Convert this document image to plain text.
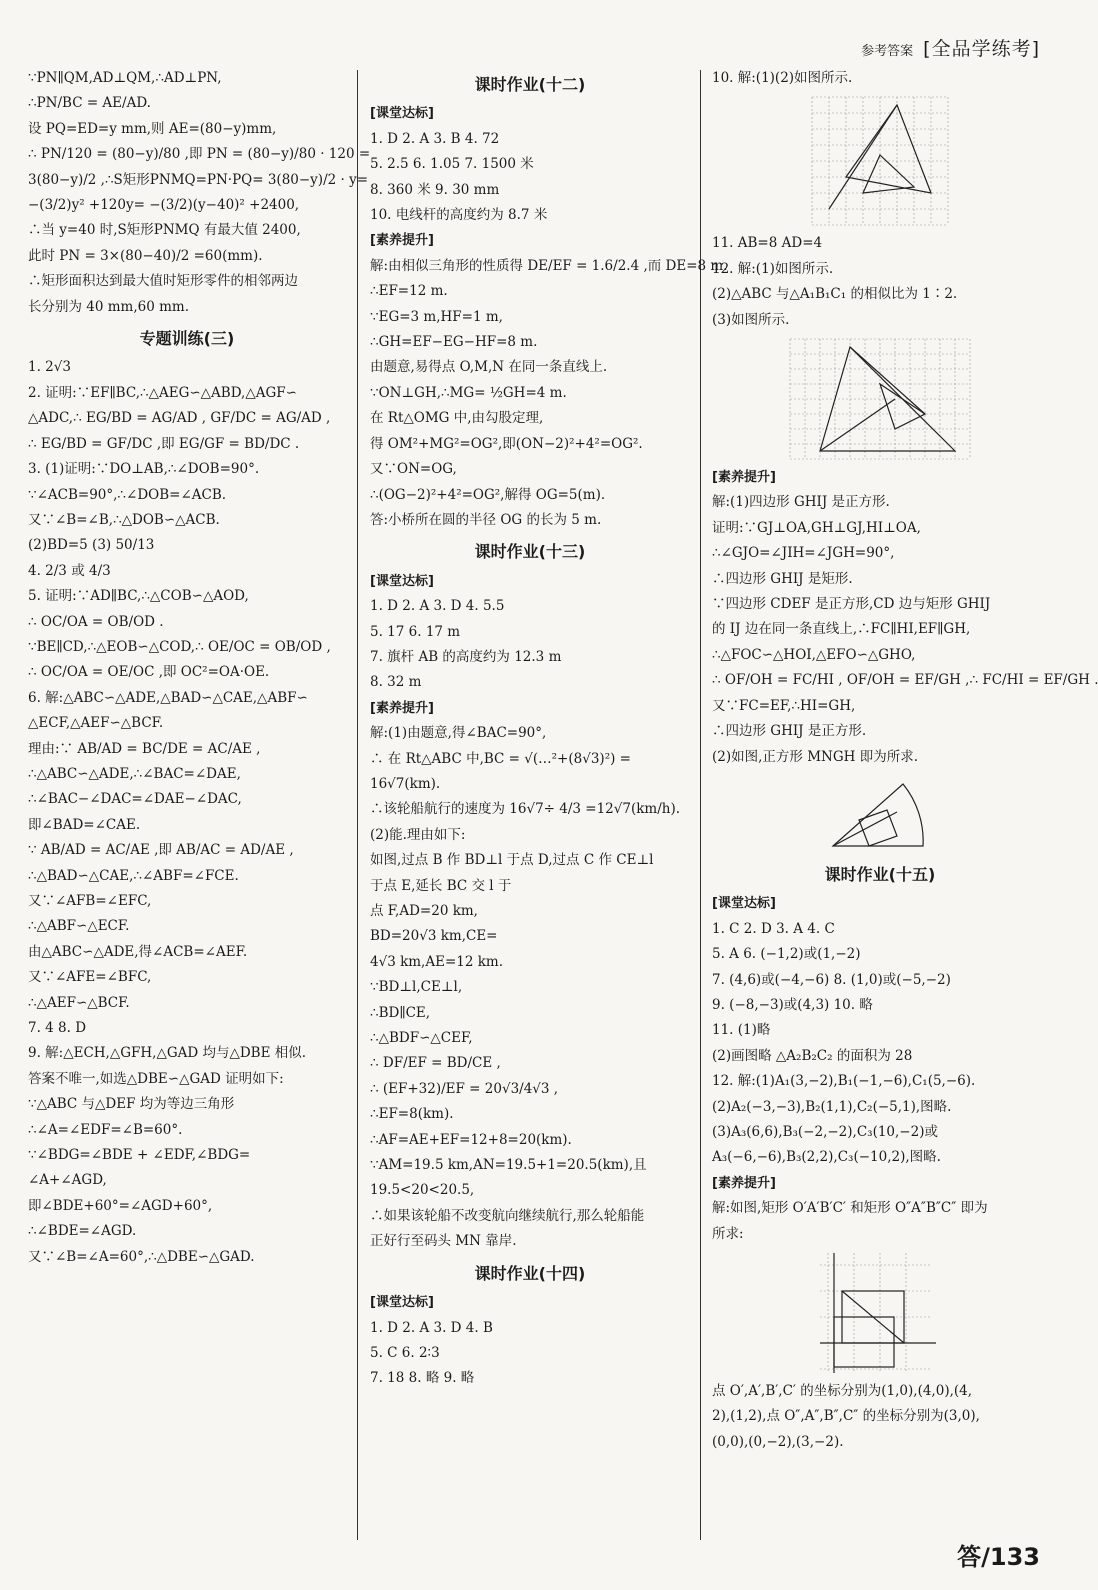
参考答案 [全品学练考]
∵PN∥QM,AD⊥QM,∴AD⊥PN,
∴PN/BC = AE/AD.
设 PQ=ED=y mm,则 AE=(80−y)mm,
∴ PN/120 = (80−y)/80 ,即 PN = (80−y)/80 · 120 =
3(80−y)/2 ,∴S矩形PNMQ=PN·PQ= 3(80−y)/2 · y=
−(3/2)y² +120y= −(3/2)(y−40)² +2400,
∴当 y=40 时,S矩形PNMQ 有最大值 2400,
此时 PN = 3×(80−40)/2 =60(mm).
∴矩形面积达到最大值时矩形零件的相邻两边
长分别为 40 mm,60 mm.
专题训练(三)
1. 2√3
2. 证明:∵EF∥BC,∴△AEG∽△ABD,△AGF∽
△ADC,∴ EG/BD = AG/AD , GF/DC = AG/AD ,
∴ EG/BD = GF/DC ,即 EG/GF = BD/DC .
3. (1)证明:∵DO⊥AB,∴∠DOB=90°.
∵∠ACB=90°,∴∠DOB=∠ACB.
又∵∠B=∠B,∴△DOB∽△ACB.
(2)BD=5 (3) 50/13
4. 2/3 或 4/3
5. 证明:∵AD∥BC,∴△COB∽△AOD,
∴ OC/OA = OB/OD .
∵BE∥CD,∴△EOB∽△COD,∴ OE/OC = OB/OD ,
∴ OC/OA = OE/OC ,即 OC²=OA·OE.
6. 解:△ABC∽△ADE,△BAD∽△CAE,△ABF∽
△ECF,△AEF∽△BCF.
理由:∵ AB/AD = BC/DE = AC/AE ,
∴△ABC∽△ADE,∴∠BAC=∠DAE,
∴∠BAC−∠DAC=∠DAE−∠DAC,
即∠BAD=∠CAE.
∵ AB/AD = AC/AE ,即 AB/AC = AD/AE ,
∴△BAD∽△CAE,∴∠ABF=∠FCE.
又∵∠AFB=∠EFC,
∴△ABF∽△ECF.
由△ABC∽△ADE,得∠ACB=∠AEF.
又∵∠AFE=∠BFC,
∴△AEF∽△BCF.
7. 4 8. D
9. 解:△ECH,△GFH,△GAD 均与△DBE 相似.
答案不唯一,如选△DBE∽△GAD 证明如下:
∵△ABC 与△DEF 均为等边三角形
∴∠A=∠EDF=∠B=60°.
∵∠BDG=∠BDE + ∠EDF,∠BDG=
∠A+∠AGD,
即∠BDE+60°=∠AGD+60°,
∴∠BDE=∠AGD.
又∵∠B=∠A=60°,∴△DBE∽△GAD.
课时作业(十二)
[课堂达标]
1. D 2. A 3. B 4. 72
5. 2.5 6. 1.05 7. 1500 米
8. 360 米 9. 30 mm
10. 电线杆的高度约为 8.7 米
[素养提升]
解:由相似三角形的性质得 DE/EF = 1.6/2.4 ,而 DE=8 m.
∴EF=12 m.
∵EG=3 m,HF=1 m,
∴GH=EF−EG−HF=8 m.
由题意,易得点 O,M,N 在同一条直线上.
∵ON⊥GH,∴MG= ½GH=4 m.
在 Rt△OMG 中,由勾股定理,
得 OM²+MG²=OG²,即(ON−2)²+4²=OG².
又∵ON=OG,
∴(OG−2)²+4²=OG²,解得 OG=5(m).
答:小桥所在圆的半径 OG 的长为 5 m.
课时作业(十三)
[课堂达标]
1. D 2. A 3. D 4. 5.5
5. 17 6. 17 m
7. 旗杆 AB 的高度约为 12.3 m
8. 32 m
[素养提升]
解:(1)由题意,得∠BAC=90°,
∴ 在 Rt△ABC 中,BC = √(…²+(8√3)²) =
16√7(km).
∴该轮船航行的速度为 16√7÷ 4/3 =12√7(km/h).
(2)能.理由如下:
如图,过点 B 作 BD⊥l 于点 D,过点 C 作 CE⊥l
于点 E,延长 BC 交 l 于
点 F,AD=20 km,
BD=20√3 km,CE=
4√3 km,AE=12 km.
∵BD⊥l,CE⊥l,
∴BD∥CE,
∴△BDF∽△CEF,
∴ DF/EF = BD/CE ,
∴ (EF+32)/EF = 20√3/4√3 ,
∴EF=8(km).
∴AF=AE+EF=12+8=20(km).
∵AM=19.5 km,AN=19.5+1=20.5(km),且
19.5<20<20.5,
∴如果该轮船不改变航向继续航行,那么轮船能
正好行至码头 MN 靠岸.
课时作业(十四)
[课堂达标]
1. D 2. A 3. D 4. B
5. C 6. 2∶3
7. 18 8. 略 9. 略
10. 解:(1)(2)如图所示.
11. AB=8 AD=4
12. 解:(1)如图所示.
(2)△ABC 与△A₁B₁C₁ 的相似比为 1∶2.
(3)如图所示.
[素养提升]
解:(1)四边形 GHIJ 是正方形.
证明:∵GJ⊥OA,GH⊥GJ,HI⊥OA,
∴∠GJO=∠JIH=∠JGH=90°,
∴四边形 GHIJ 是矩形.
∵四边形 CDEF 是正方形,CD 边与矩形 GHIJ
的 IJ 边在同一条直线上,∴FC∥HI,EF∥GH,
∴△FOC∽△HOI,△EFO∽△GHO,
∴ OF/OH = FC/HI , OF/OH = EF/GH ,∴ FC/HI = EF/GH .
又∵FC=EF,∴HI=GH,
∴四边形 GHIJ 是正方形.
(2)如图,正方形 MNGH 即为所求.
课时作业(十五)
[课堂达标]
1. C 2. D 3. A 4. C
5. A 6. (−1,2)或(1,−2)
7. (4,6)或(−4,−6) 8. (1,0)或(−5,−2)
9. (−8,−3)或(4,3) 10. 略
11. (1)略
(2)画图略 △A₂B₂C₂ 的面积为 28
12. 解:(1)A₁(3,−2),B₁(−1,−6),C₁(5,−6).
(2)A₂(−3,−3),B₂(1,1),C₂(−5,1),图略.
(3)A₃(6,6),B₃(−2,−2),C₃(10,−2)或
A₃(−6,−6),B₃(2,2),C₃(−10,2),图略.
[素养提升]
解:如图,矩形 O′A′B′C′ 和矩形 O″A″B″C″ 即为
所求:
点 O′,A′,B′,C′ 的坐标分别为(1,0),(4,0),(4,
2),(1,2),点 O″,A″,B″,C″ 的坐标分别为(3,0),
(0,0),(0,−2),(3,−2).
答/133
